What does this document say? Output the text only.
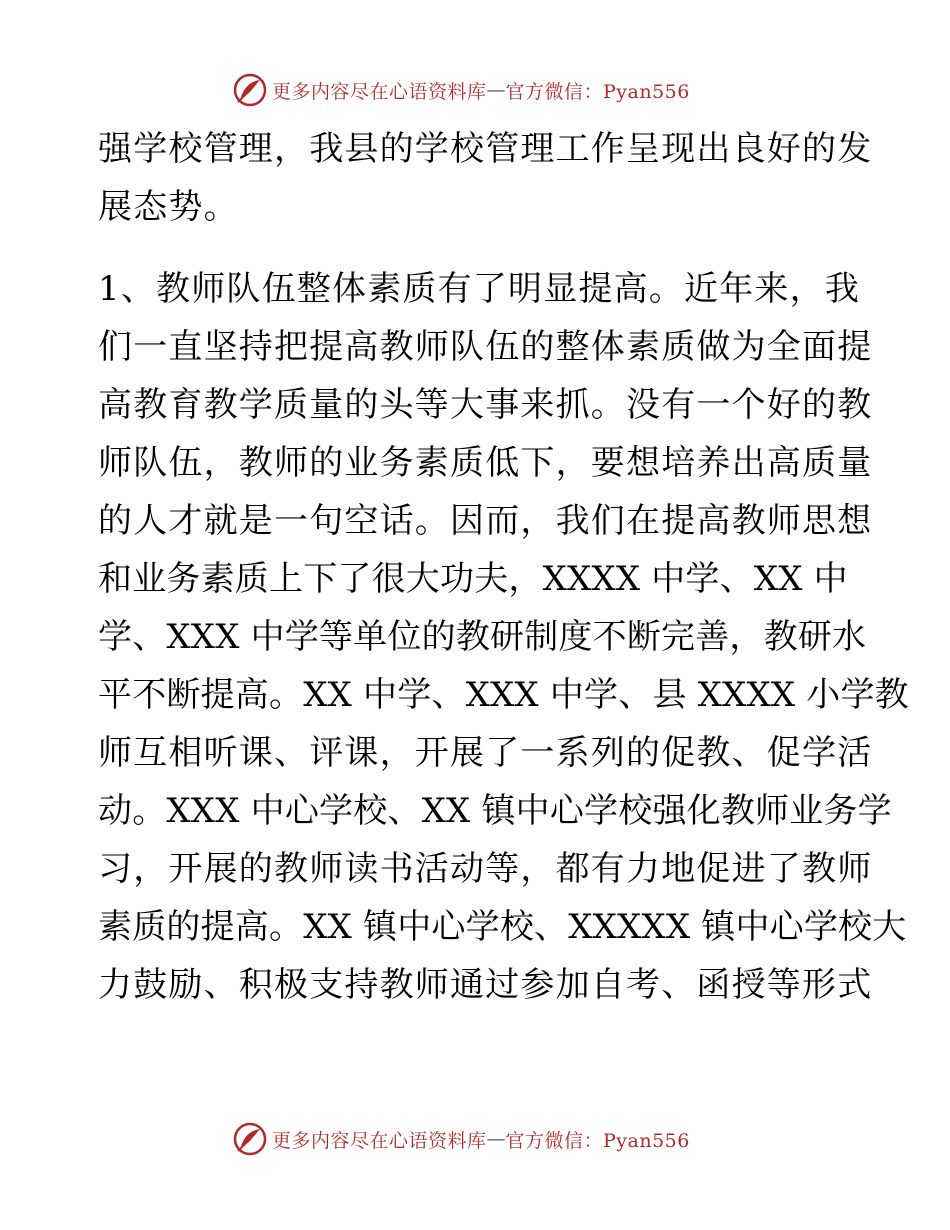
更多内容尽在心语资料库 — 官方微信：Pyan556
强学校管理，我县的学校管理工作呈现出良好的发
展态势。
1、教师队伍整体素质有了明显提高。近年来，我
们一直坚持把提高教师队伍的整体素质做为全面提
高教育教学质量的头等大事来抓。没有一个好的教
师队伍，教师的业务素质低下，要想培养出高质量
的人才就是一句空话。因而，我们在提高教师思想
和业务素质上下了很大功夫，XXXX 中学、XX 中
学、XXX 中学等单位的教研制度不断完善，教研水
平不断提高。XX 中学、XXX 中学、县 XXXX 小学教
师互相听课、评课，开展了一系列的促教、促学活
动。XXX 中心学校、XX 镇中心学校强化教师业务学
习，开展的教师读书活动等，都有力地促进了教师
素质的提高。XX 镇中心学校、XXXXX 镇中心学校大
力鼓励、积极支持教师通过参加自考、函授等形式
更多内容尽在心语资料库 — 官方微信：Pyan556
